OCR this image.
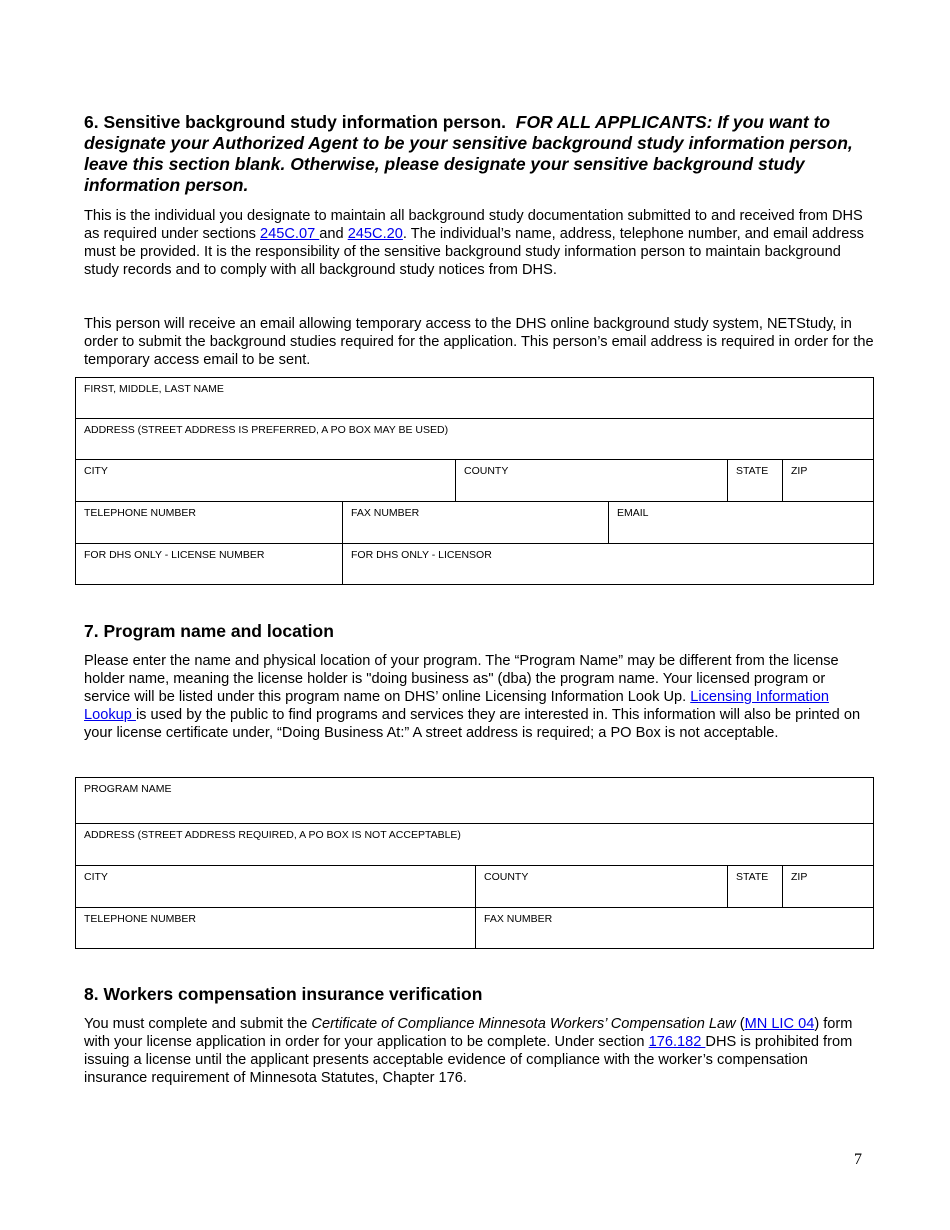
6. Sensitive background study information person. FOR ALL APPLICANTS: If you want to designate your Authorized Agent to be your sensitive background study information person, leave this section blank. Otherwise, please designate your sensitive background study information person.

This is the individual you designate to maintain all background study documentation submitted to and received from DHS as required under sections 245C.07 and 245C.20. The individual’s name, address, telephone number, and email address must be provided. It is the responsibility of the sensitive background study information person to maintain background study records and to comply with all background study notices from DHS.

This person will receive an email allowing temporary access to the DHS online background study system, NETStudy, in order to submit the background studies required for the application. This person’s email address is required in order for the temporary access email to be sent.

FIRST, MIDDLE, LAST NAME
ADDRESS (STREET ADDRESS IS PREFERRED, A PO BOX MAY BE USED)
CITY	COUNTY	STATE	ZIP
TELEPHONE NUMBER	FAX NUMBER	EMAIL
FOR DHS ONLY - LICENSE NUMBER	FOR DHS ONLY - LICENSOR
7. Program name and location

Please enter the name and physical location of your program. The “Program Name” may be different from the license holder name, meaning the license holder is "doing business as" (dba) the program name. Your licensed program or service will be listed under this program name on DHS’ online Licensing Information Look Up. Licensing Information Lookup is used by the public to find programs and services they are interested in. This information will also be printed on your license certificate under, “Doing Business At:” A street address is required; a PO Box is not acceptable.

PROGRAM NAME
ADDRESS (STREET ADDRESS REQUIRED, A PO BOX IS NOT ACCEPTABLE)
CITY	COUNTY	STATE	ZIP
TELEPHONE NUMBER	FAX NUMBER
8. Workers compensation insurance verification

You must complete and submit the Certificate of Compliance Minnesota Workers’ Compensation Law (MN LIC 04) form with your license application in order for your application to be complete. Under section 176.182 DHS is prohibited from issuing a license until the applicant presents acceptable evidence of compliance with the worker’s compensation insurance requirement of Minnesota Statutes, Chapter 176.

7
